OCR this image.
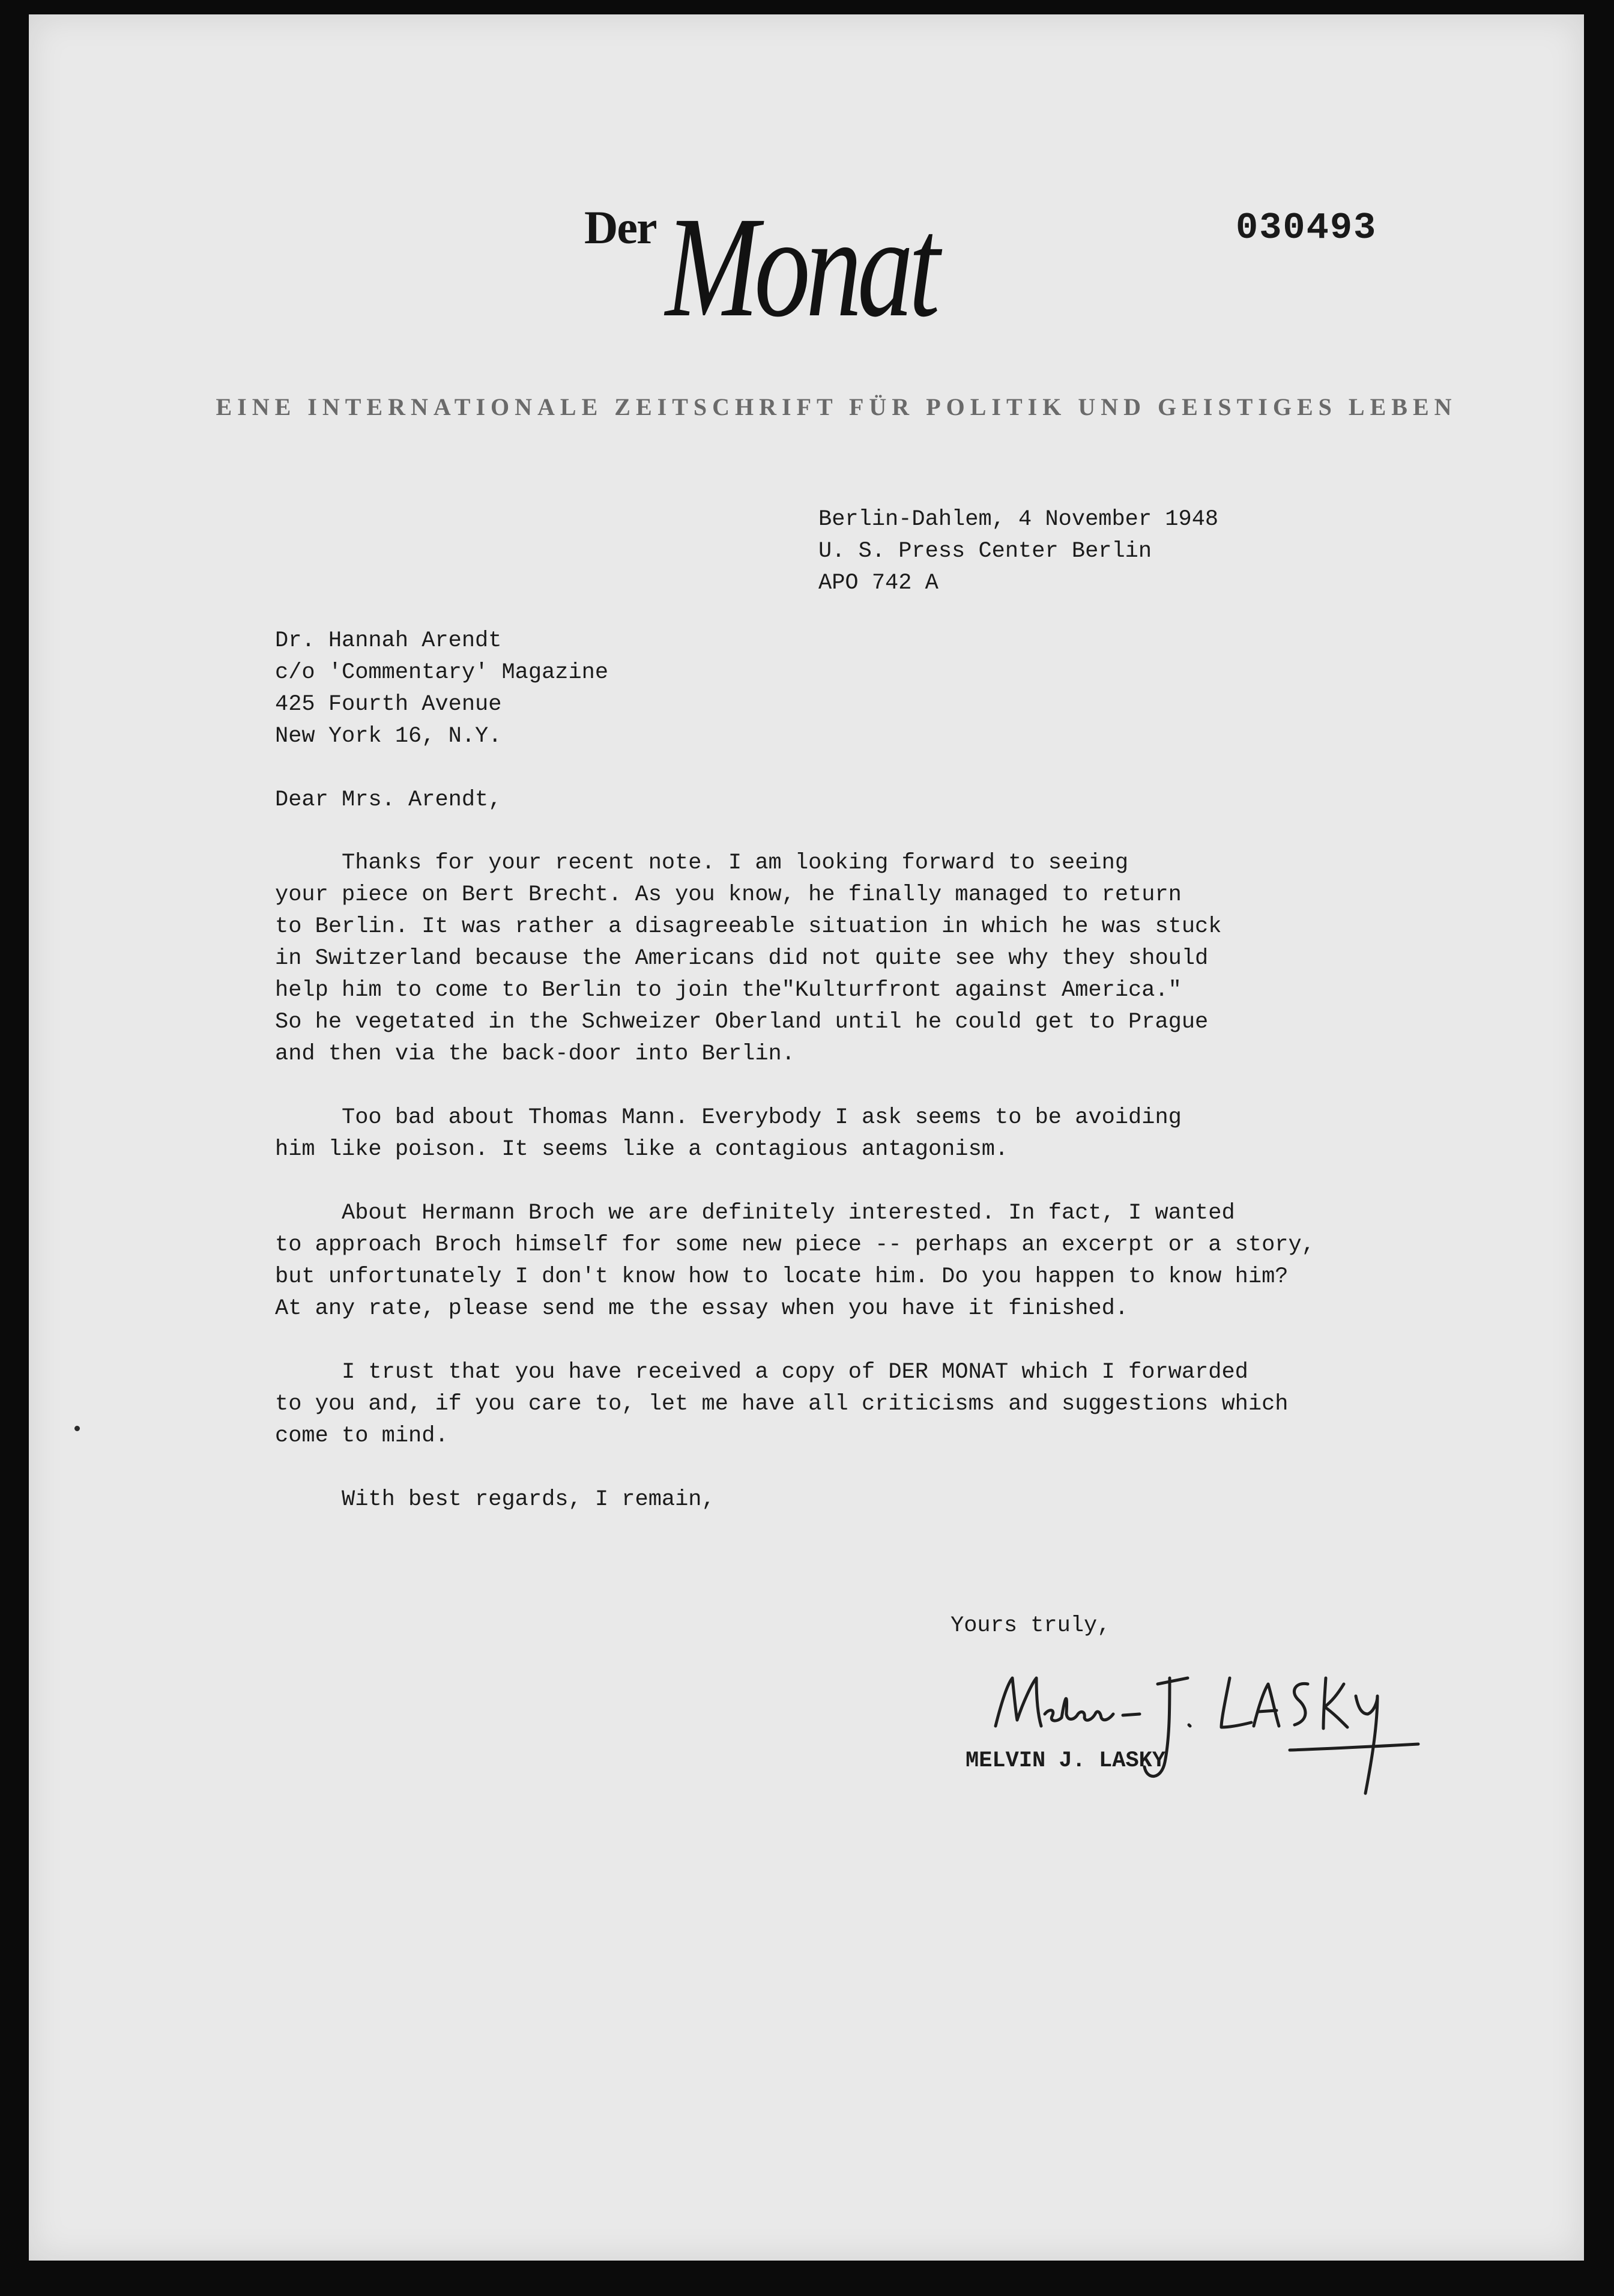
Der Monat	030493
EINE INTERNATIONALE ZEITSCHRIFT FÜR POLITIK UND GEISTIGES LEBEN
Berlin-Dahlem, 4 November 1948
U. S. Press Center Berlin
APO 742 A
Dr. Hannah Arendt
c/o 'Commentary' Magazine
425 Fourth Avenue
New York 16, N.Y.
Dear Mrs. Arendt,
Thanks for your recent note. I am looking forward to seeing
your piece on Bert Brecht. As you know, he finally managed to return
to Berlin. It was rather a disagreeable situation in which he was stuck
in Switzerland because the Americans did not quite see why they should
help him to come to Berlin to join the"Kulturfront against America."
So he vegetated in the Schweizer Oberland until he could get to Prague
and then via the back-door into Berlin.
Too bad about Thomas Mann. Everybody I ask seems to be avoiding
him like poison. It seems like a contagious antagonism.
About Hermann Broch we are definitely interested. In fact, I wanted
to approach Broch himself for some new piece -- perhaps an excerpt or a story,
but unfortunately I don't know how to locate him. Do you happen to know him?
At any rate, please send me the essay when you have it finished.
I trust that you have received a copy of DER MONAT which I forwarded
to you and, if you care to, let me have all criticisms and suggestions which
come to mind.
With best regards, I remain,
Yours truly,
MELVIN J. LASKY
